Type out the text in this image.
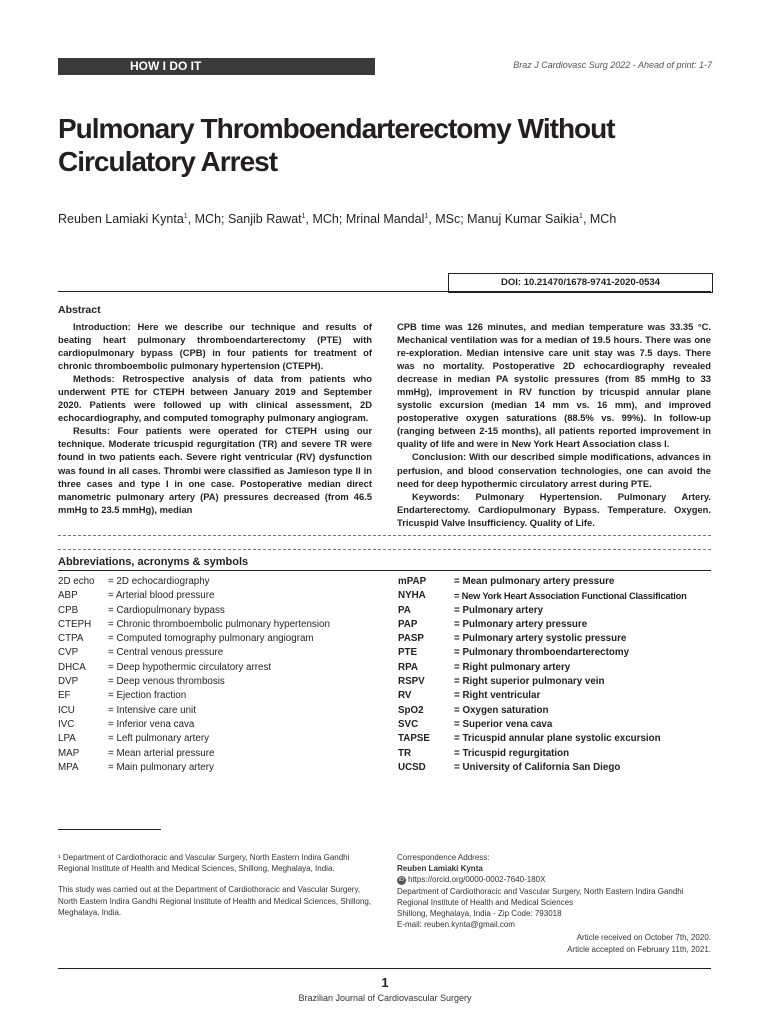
HOW I DO IT	Braz J Cardiovasc Surg 2022 - Ahead of print: 1-7
Pulmonary Thromboendarterectomy Without Circulatory Arrest
Reuben Lamiaki Kynta$^1$, MCh; Sanjib Rawat$^1$, MCh; Mrinal Mandal$^1$, MSc; Manuj Kumar Saikia$^1$, MCh
DOI: 10.21470/1678-9741-2020-0534
Abstract

Introduction: Here we describe our technique and results of beating heart pulmonary thromboendarterectomy (PTE) with cardiopulmonary bypass (CPB) in four patients for treatment of chronic thromboembolic pulmonary hypertension (CTEPH).

Methods: Retrospective analysis of data from patients who underwent PTE for CTEPH between January 2019 and September 2020. Patients were followed up with clinical assessment, 2D echocardiography, and computed tomography pulmonary angiogram.

Results: Four patients were operated for CTEPH using our technique. Moderate tricuspid regurgitation (TR) and severe TR were found in two patients each. Severe right ventricular (RV) dysfunction was found in all cases. Thrombi were classified as Jamieson type II in three cases and type I in one case. Postoperative median direct manometric pulmonary artery (PA) pressures decreased (from 46.5 mmHg to 23.5 mmHg), median

CPB time was 126 minutes, and median temperature was 33.35 °C. Mechanical ventilation was for a median of 19.5 hours. There was one re-exploration. Median intensive care unit stay was 7.5 days. There was no mortality. Postoperative 2D echocardiography revealed decrease in median PA systolic pressures (from 85 mmHg to 33 mmHg), improvement in RV function by tricuspid annular plane systolic excursion (median 14 mm vs. 16 mm), and improved postoperative oxygen saturations (88.5% vs. 99%). In follow-up (ranging between 2-15 months), all patients reported improvement in quality of life and were in New York Heart Association class I.

Conclusion: With our described simple modifications, advances in perfusion, and blood conservation technologies, one can avoid the need for deep hypothermic circulatory arrest during PTE.

Keywords: Pulmonary Hypertension. Pulmonary Artery. Endarterectomy. Cardiopulmonary Bypass. Temperature. Oxygen. Tricuspid Valve Insufficiency. Quality of Life.

Abbreviations, acronyms & symbols
2D echo	= 2D echocardiography
ABP	= Arterial blood pressure
CPB	= Cardiopulmonary bypass
CTEPH	= Chronic thromboembolic pulmonary hypertension
CTPA	= Computed tomography pulmonary angiogram
CVP	= Central venous pressure
DHCA	= Deep hypothermic circulatory arrest
DVP	= Deep venous thrombosis
EF	= Ejection fraction
ICU	= Intensive care unit
IVC	= Inferior vena cava
LPA	= Left pulmonary artery
MAP	= Mean arterial pressure
MPA	= Main pulmonary artery
mPAP	= Mean pulmonary artery pressure
NYHA	= New York Heart Association Functional Classification
PA	= Pulmonary artery
PAP	= Pulmonary artery pressure
PASP	= Pulmonary artery systolic pressure
PTE	= Pulmonary thromboendarterectomy
RPA	= Right pulmonary artery
RSPV	= Right superior pulmonary vein
RV	= Right ventricular
SpO2	= Oxygen saturation
SVC	= Superior vena cava
TAPSE	= Tricuspid annular plane systolic excursion
TR	= Tricuspid regurgitation
UCSD	= University of California San Diego

¹ Department of Cardiothoracic and Vascular Surgery, North Eastern Indira Gandhi Regional Institute of Health and Medical Sciences, Shillong, Meghalaya, India.

This study was carried out at the Department of Cardiothoracic and Vascular Surgery, North Eastern Indira Gandhi Regional Institute of Health and Medical Sciences, Shillong, Meghalaya, India.

Correspondence Address:
Reuben Lamiaki Kynta
iD https://orcid.org/0000-0002-7640-180X
Department of Cardiothoracic and Vascular Surgery, North Eastern Indira Gandhi Regional Institute of Health and Medical Sciences
Shillong, Meghalaya, India - Zip Code: 793018
E-mail: reuben.kynta@gmail.com
Article received on October 7th, 2020.
Article accepted on February 11th, 2021.
1
Brazilian Journal of Cardiovascular Surgery
